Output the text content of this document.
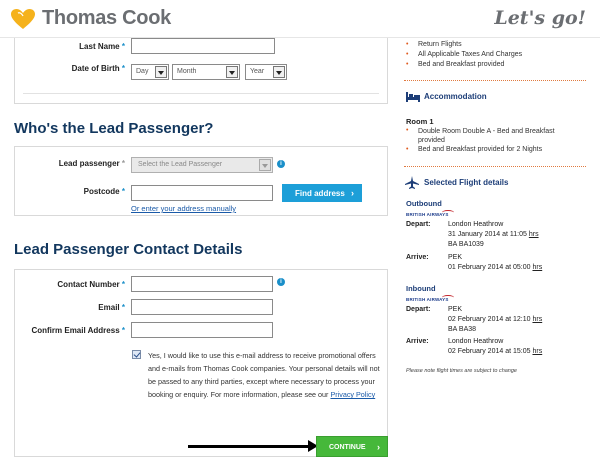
Thomas Cook	Let's go!
Last Name *
Date of Birth *	Day	Month	Year
Who's the Lead Passenger?
Lead passenger *	Select the Lead Passenger	i
Postcode *
Or enter your address manually
Find address ›
Lead Passenger Contact Details
Contact Number *	i
Email *
Confirm Email Address *
Yes, I would like to use this e-mail address to receive promotional offers and e-mails from Thomas Cook companies. Your personal details will not be passed to any third parties, except where necessary to process your booking or enquiry. For more information, please see our Privacy Policy
CONTINUE ›
• Return Flights
• All Applicable Taxes And Charges
• Bed and Breakfast provided
Accommodation
Room 1
• Double Room Double A - Bed and Breakfast provided
• Bed and Breakfast provided for 2 Nights
Selected Flight details
Outbound
BRITISH AIRWAYS
Depart: London Heathrow
31 January 2014 at 11:05 hrs
BA BA1039
Arrive:	PEK
01 February 2014 at 05:00 hrs
Inbound
BRITISH AIRWAYS
Depart: PEK
02 February 2014 at 12:10 hrs
BA BA38
Arrive:	London Heathrow
02 February 2014 at 15:05 hrs
Please note flight times are subject to change
